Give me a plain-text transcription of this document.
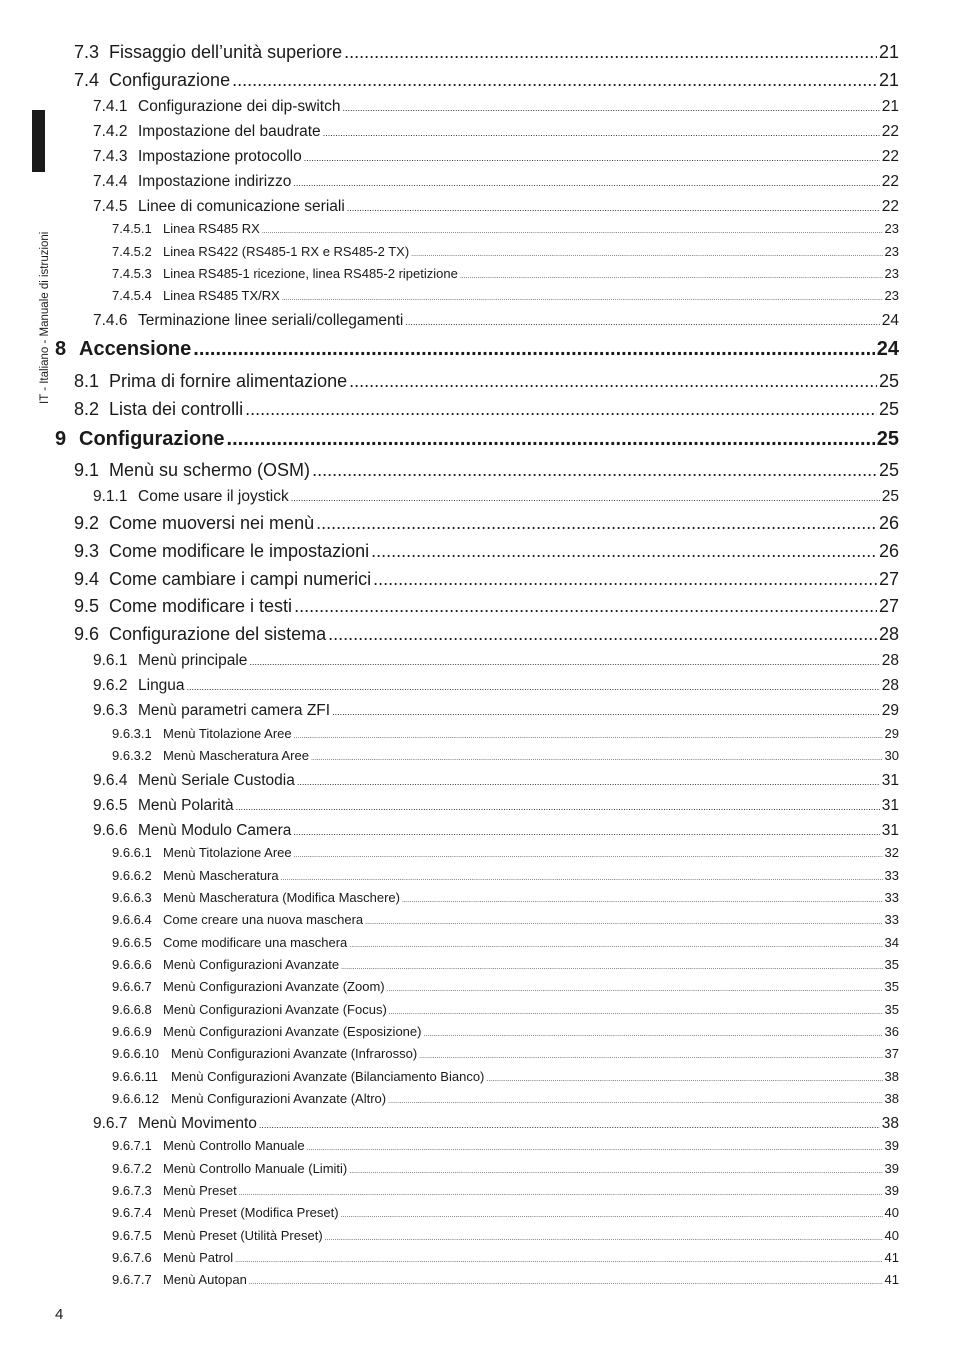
IT - Italiano - Manuale di istruzioni
7.3 Fissaggio dell’unità superiore .....	21
7.4 Configurazione .....	21
7.4.1 Configurazione dei dip-switch .....	21
7.4.2 Impostazione del baudrate .....	22
7.4.3 Impostazione protocollo .....	22
7.4.4 Impostazione indirizzo .....	22
7.4.5 Linee di comunicazione seriali .....	22
7.4.5.1 Linea RS485 RX .....	23
7.4.5.2 Linea RS422 (RS485-1 RX e RS485-2 TX) .....	23
7.4.5.3 Linea RS485-1 ricezione, linea RS485-2 ripetizione .....	23
7.4.5.4 Linea RS485 TX/RX .....	23
7.4.6 Terminazione linee seriali/collegamenti .....	24
8 Accensione .....	24
8.1 Prima di fornire alimentazione .....	25
8.2 Lista dei controlli .....	25
9 Configurazione .....	25
9.1 Menù su schermo (OSM) .....	25
9.1.1 Come usare il joystick .....	25
9.2 Come muoversi nei menù .....	26
9.3 Come modificare le impostazioni .....	26
9.4 Come cambiare i campi numerici .....	27
9.5 Come modificare i testi .....	27
9.6 Configurazione del sistema .....	28
9.6.1 Menù principale .....	28
9.6.2 Lingua .....	28
9.6.3 Menù parametri camera ZFI .....	29
9.6.3.1 Menù Titolazione Aree .....	29
9.6.3.2 Menù Mascheratura Aree .....	30
9.6.4 Menù Seriale Custodia .....	31
9.6.5 Menù Polarità .....	31
9.6.6 Menù Modulo Camera .....	31
9.6.6.1 Menù Titolazione Aree .....	32
9.6.6.2 Menù Mascheratura .....	33
9.6.6.3 Menù Mascheratura (Modifica Maschere) .....	33
9.6.6.4 Come creare una nuova maschera .....	33
9.6.6.5 Come modificare una maschera .....	34
9.6.6.6 Menù Configurazioni Avanzate .....	35
9.6.6.7 Menù Configurazioni Avanzate (Zoom) .....	35
9.6.6.8 Menù Configurazioni Avanzate (Focus) .....	35
9.6.6.9 Menù Configurazioni Avanzate (Esposizione) .....	36
9.6.6.10 Menù Configurazioni Avanzate (Infrarosso) .....	37
9.6.6.11 Menù Configurazioni Avanzate (Bilanciamento Bianco) .....	38
9.6.6.12 Menù Configurazioni Avanzate (Altro) .....	38
9.6.7 Menù Movimento .....	38
9.6.7.1 Menù Controllo Manuale .....	39
9.6.7.2 Menù Controllo Manuale (Limiti) .....	39
9.6.7.3 Menù Preset .....	39
9.6.7.4 Menù Preset (Modifica Preset) .....	40
9.6.7.5 Menù Preset (Utilità Preset) .....	40
9.6.7.6 Menù Patrol .....	41
9.6.7.7 Menù Autopan .....	41
4
